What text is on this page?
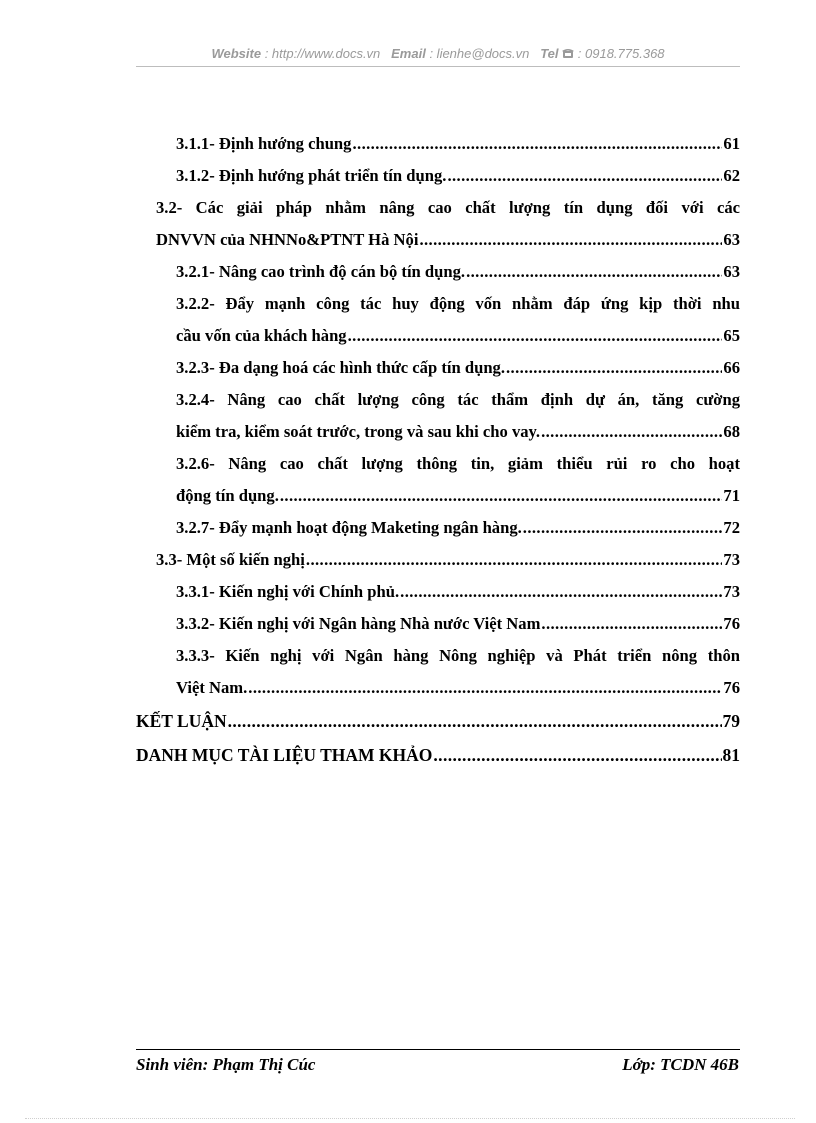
Website : http://www.docs.vn Email : lienhe@docs.vn Tel : 0918.775.368
3.1.1- Định hướng chung .....	61
3.1.2- Định hướng phát triển tín dụng. .....	62
3.2- Các giải pháp nhằm nâng cao chất lượng tín dụng đối với các
DNVVN của NHNNo&PTNT Hà Nội .....	63
3.2.1- Nâng cao trình độ cán bộ tín dụng. .....	63
3.2.2- Đẩy mạnh công tác huy động vốn nhằm đáp ứng kịp thời nhu
cầu vốn của khách hàng .....	65
3.2.3- Đa dạng hoá các hình thức cấp tín dụng. .....	66
3.2.4- Nâng cao chất lượng công tác thẩm định dự án, tăng cường
kiểm tra, kiểm soát trước, trong và sau khi cho vay. .....	68
3.2.6- Nâng cao chất lượng thông tin, giảm thiểu rủi ro cho hoạt
động tín dụng. .....	71
3.2.7- Đẩy mạnh hoạt động Maketing ngân hàng. .....	72
3.3- Một số kiến nghị .....	73
3.3.1- Kiến nghị với Chính phủ. .....	73
3.3.2- Kiến nghị với Ngân hàng Nhà nước Việt Nam .....	76
3.3.3- Kiến nghị với Ngân hàng Nông nghiệp và Phát triển nông thôn
Việt Nam. .....	76
KẾT LUẬN .....	79
DANH MỤC TÀI LIỆU THAM KHẢO .....	81
Sinh viên: Phạm Thị Cúc	Lớp: TCDN 46B
